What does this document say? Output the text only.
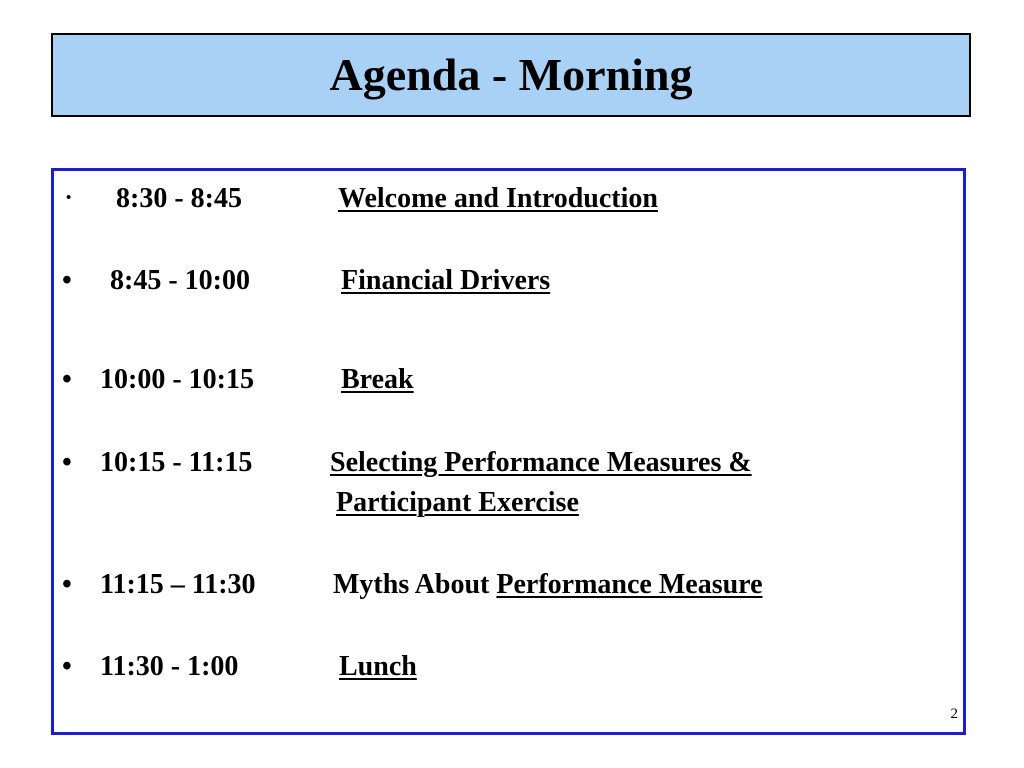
Agenda - Morning
• 8:30 - 8:45	Welcome and Introduction
• 8:45 - 10:00	Financial Drivers
• 10:00 - 10:15	Break
• 10:15 - 11:15	Selecting Performance Measures &
Participant Exercise
• 11:15 – 11:30	Myths About Performance Measure
• 11:30 - 1:00	Lunch
2
